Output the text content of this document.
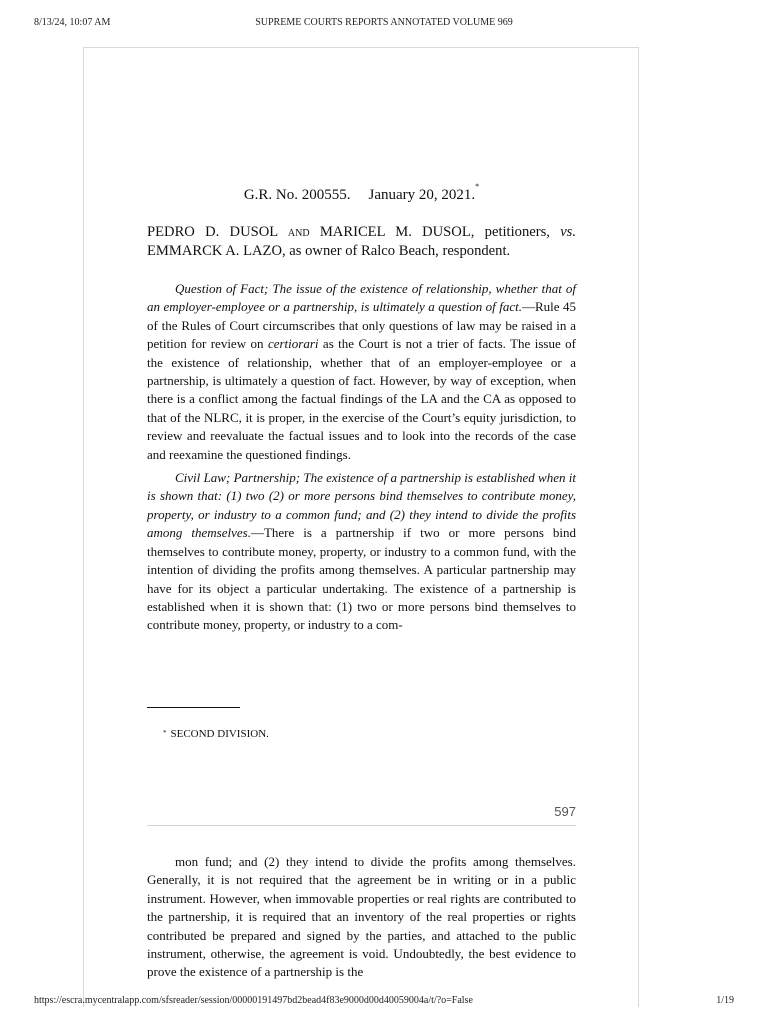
8/13/24, 10:07 AM	SUPREME COURTS REPORTS ANNOTATED VOLUME 969
G.R. No. 200555. January 20, 2021.*
PEDRO D. DUSOL and MARICEL M. DUSOL, petitioners, vs. EMMARCK A. LAZO, as owner of Ralco Beach, respondent.

Question of Fact; The issue of the existence of relationship, whether that of an employer-employee or a partnership, is ultimately a question of fact.—Rule 45 of the Rules of Court circumscribes that only questions of law may be raised in a petition for review on certiorari as the Court is not a trier of facts. The issue of the existence of relationship, whether that of an employer-employee or a partnership, is ultimately a question of fact. However, by way of exception, when there is a conflict among the factual findings of the LA and the CA as opposed to that of the NLRC, it is proper, in the exercise of the Court’s equity jurisdiction, to review and reevaluate the factual issues and to look into the records of the case and reexamine the questioned findings.

Civil Law; Partnership; The existence of a partnership is established when it is shown that: (1) two (2) or more persons bind themselves to contribute money, property, or industry to a common fund; and (2) they intend to divide the profits among themselves.—There is a partnership if two or more persons bind themselves to contribute money, property, or industry to a common fund, with the intention of dividing the profits among themselves. A particular partnership may have for its object a particular undertaking. The existence of a partnership is established when it is shown that: (1) two or more persons bind themselves to contribute money, property, or industry to a com-

* SECOND DIVISION.
597

mon fund; and (2) they intend to divide the profits among themselves. Generally, it is not required that the agreement be in writing or in a public instrument. However, when immovable properties or real rights are contributed to the partnership, it is required that an inventory of the real properties or rights contributed be prepared and signed by the parties, and attached to the public instrument, otherwise, the agreement is void. Undoubtedly, the best evidence to prove the existence of a partnership is the

https://escra.mycentralapp.com/sfsreader/session/00000191497bd2bead4f83e9000d00d40059004a/t/?o=False	1/19
